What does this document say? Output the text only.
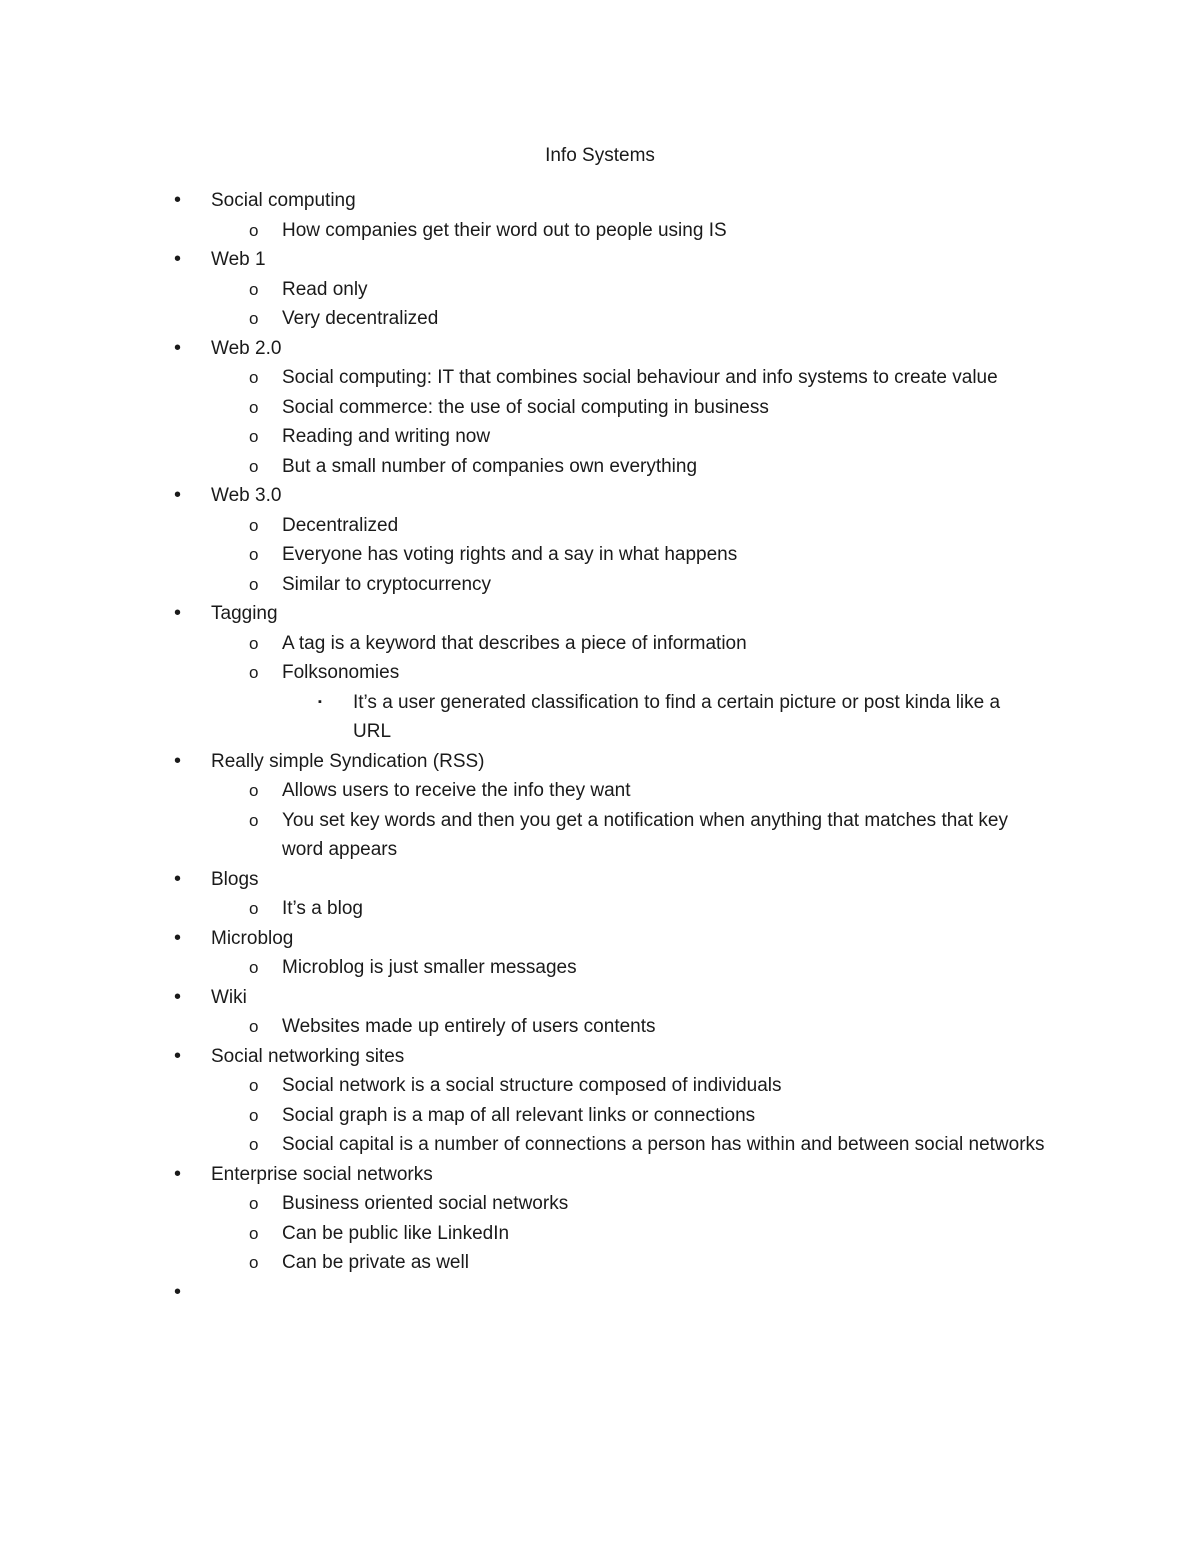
Info Systems
• Social computing
o How companies get their word out to people using IS
• Web 1
o Read only
o Very decentralized
• Web 2.0
o Social computing: IT that combines social behaviour and info systems to create value
o Social commerce: the use of social computing in business
o Reading and writing now
o But a small number of companies own everything
• Web 3.0
o Decentralized
o Everyone has voting rights and a say in what happens
o Similar to cryptocurrency
• Tagging
o A tag is a keyword that describes a piece of information
o Folksonomies
▪ It’s a user generated classification to find a certain picture or post kinda like a URL
• Really simple Syndication (RSS)
o Allows users to receive the info they want
o You set key words and then you get a notification when anything that matches that key word appears
• Blogs
o It’s a blog
• Microblog
o Microblog is just smaller messages
• Wiki
o Websites made up entirely of users contents
• Social networking sites
o Social network is a social structure composed of individuals
o Social graph is a map of all relevant links or connections
o Social capital is a number of connections a person has within and between social networks
• Enterprise social networks
o Business oriented social networks
o Can be public like LinkedIn
o Can be private as well
•
